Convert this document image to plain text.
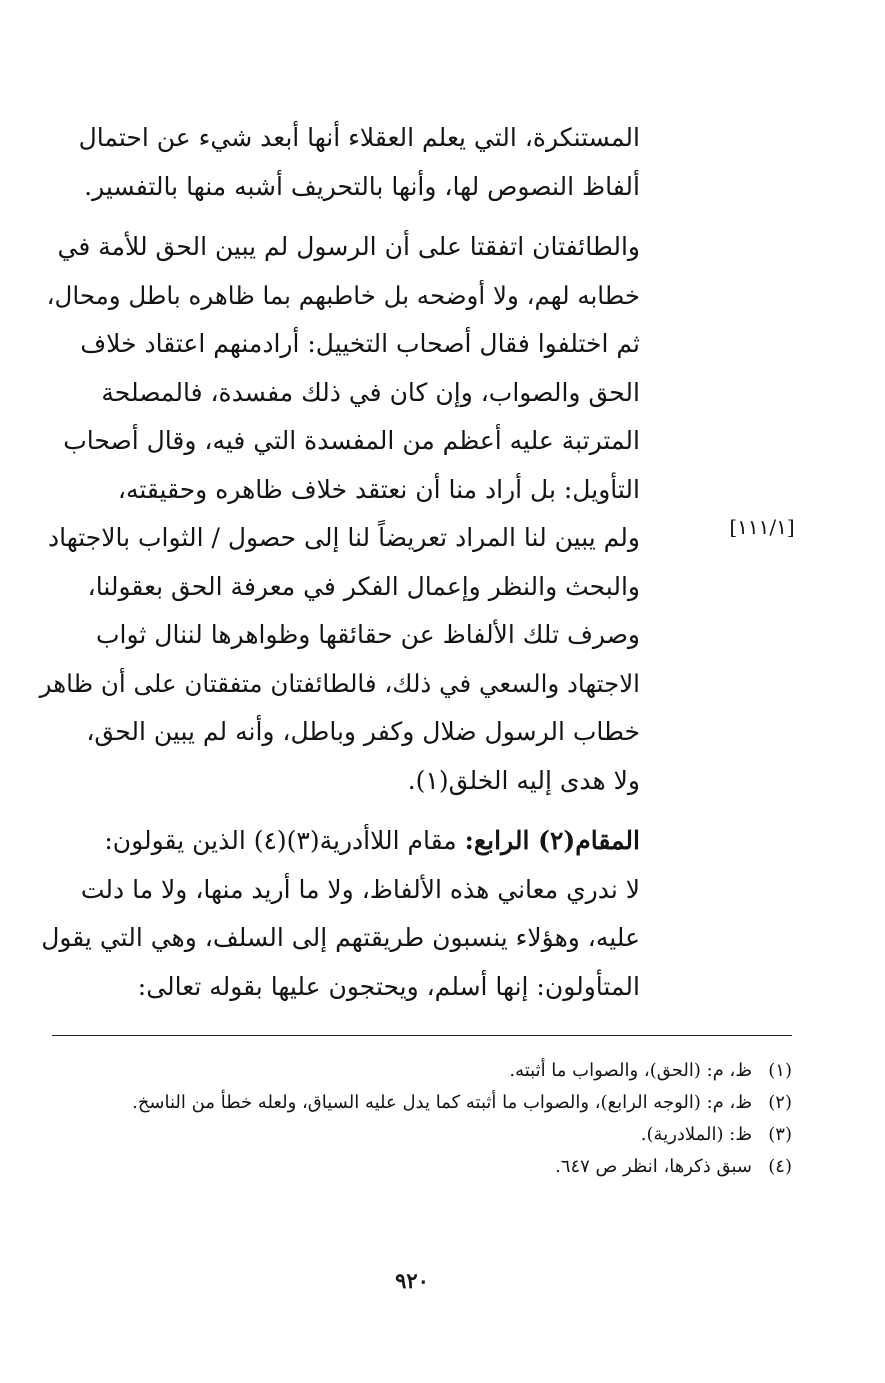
المستنكرة، التي يعلم العقلاء أنها أبعد شيء عن احتمال
ألفاظ النصوص لها، وأنها بالتحريف أشبه منها بالتفسير.

والطائفتان اتفقتا على أن الرسول لم يبين الحق للأمة في
خطابه لهم، ولا أوضحه بل خاطبهم بما ظاهره باطل ومحال،
ثم اختلفوا فقال أصحاب التخييل: أرادمنهم اعتقاد خلاف
الحق والصواب، وإن كان في ذلك مفسدة، فالمصلحة
المترتبة عليه أعظم من المفسدة التي فيه، وقال أصحاب
التأويل: بل أراد منا أن نعتقد خلاف ظاهره وحقيقته،
ولم يبين لنا المراد تعريضاً لنا إلى حصول / الثواب بالاجتهاد
والبحث والنظر وإعمال الفكر في معرفة الحق بعقولنا،
وصرف تلك الألفاظ عن حقائقها وظواهرها لننال ثواب
الاجتهاد والسعي في ذلك، فالطائفتان متفقتان على أن ظاهر
خطاب الرسول ضلال وكفر وباطل، وأنه لم يبين الحق،
ولا هدى إليه الخلق(١).

المقام(٢) الرابع: مقام اللاأدرية(٣)(٤) الذين يقولون:
لا ندري معاني هذه الألفاظ، ولا ما أريد منها، ولا ما دلت
عليه، وهؤلاء ينسبون طريقتهم إلى السلف، وهي التي يقول
المتأولون: إنها أسلم، ويحتجون عليها بقوله تعالى:

[١١١/١]

(١)
ظ، م: (الحق)، والصواب ما أثبته.

(٢)
ظ، م: (الوجه الرابع)، والصواب ما أثبته كما يدل عليه السياق، ولعله خطأ من الناسخ.

(٣)
ظ: (الملادرية).

(٤)
سبق ذكرها، انظر ص ٦٤٧.

٩٢٠
